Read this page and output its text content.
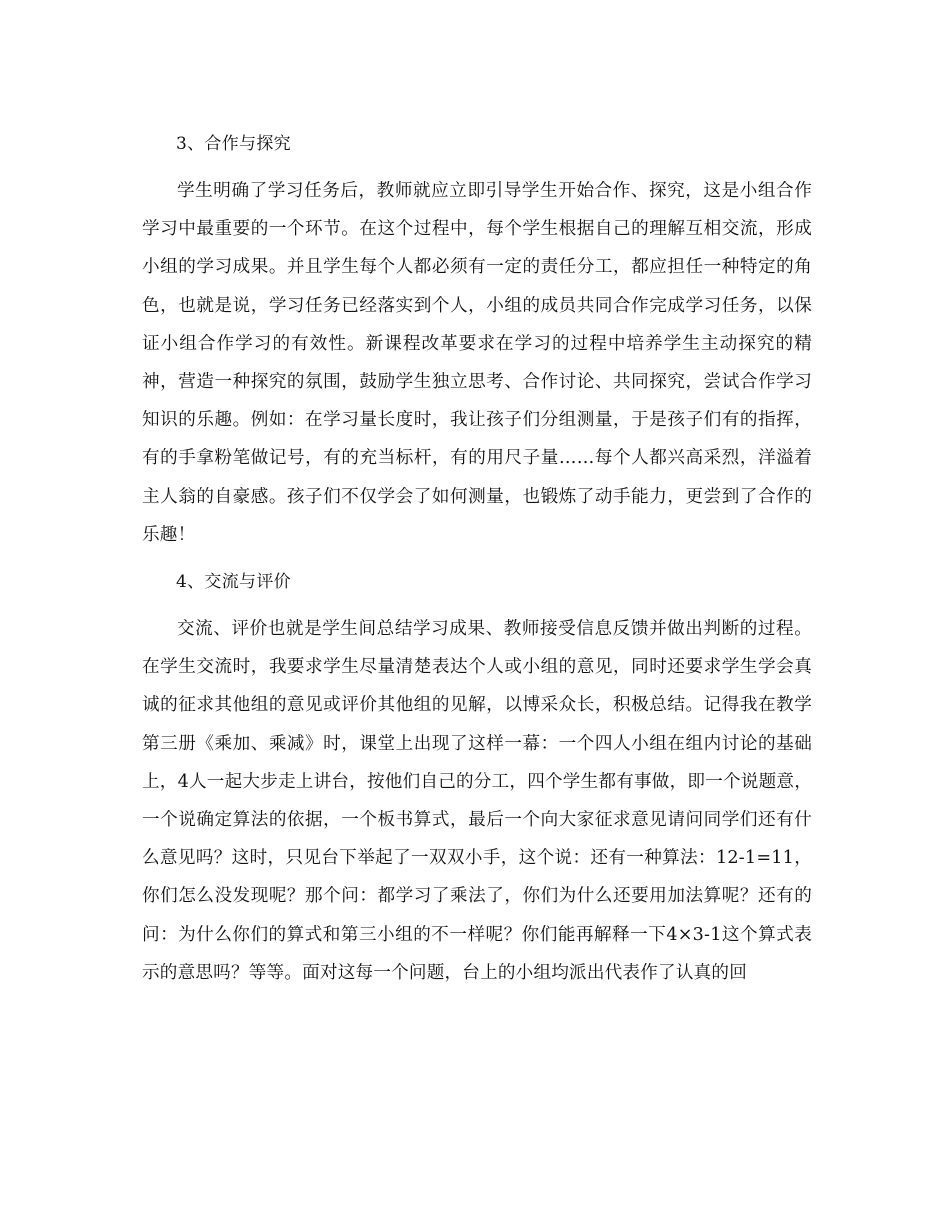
3、合作与探究

学生明确了学习任务后，教师就应立即引导学生开始合作、探究，这是小组合作学习中最重要的一个环节。在这个过程中，每个学生根据自己的理解互相交流，形成小组的学习成果。并且学生每个人都必须有一定的责任分工，都应担任一种特定的角色，也就是说，学习任务已经落实到个人，小组的成员共同合作完成学习任务，以保证小组合作学习的有效性。新课程改革要求在学习的过程中培养学生主动探究的精神，营造一种探究的氛围，鼓励学生独立思考、合作讨论、共同探究，尝试合作学习知识的乐趣。例如：在学习量长度时，我让孩子们分组测量，于是孩子们有的指挥，有的手拿粉笔做记号，有的充当标杆，有的用尺子量……每个人都兴高采烈，洋溢着主人翁的自豪感。孩子们不仅学会了如何测量，也锻炼了动手能力，更尝到了合作的乐趣！

4、交流与评价

交流、评价也就是学生间总结学习成果、教师接受信息反馈并做出判断的过程。在学生交流时，我要求学生尽量清楚表达个人或小组的意见，同时还要求学生学会真诚的征求其他组的意见或评价其他组的见解，以博采众长，积极总结。记得我在教学第三册《乘加、乘减》时，课堂上出现了这样一幕：一个四人小组在组内讨论的基础上，4人一起大步走上讲台，按他们自己的分工，四个学生都有事做，即一个说题意，一个说确定算法的依据，一个板书算式，最后一个向大家征求意见请问同学们还有什么意见吗？这时，只见台下举起了一双双小手，这个说：还有一种算法：12-1=11，你们怎么没发现呢？那个问：都学习了乘法了，你们为什么还要用加法算呢？还有的问：为什么你们的算式和第三小组的不一样呢？你们能再解释一下4×3-1这个算式表示的意思吗？等等。面对这每一个问题，台上的小组均派出代表作了认真的回
